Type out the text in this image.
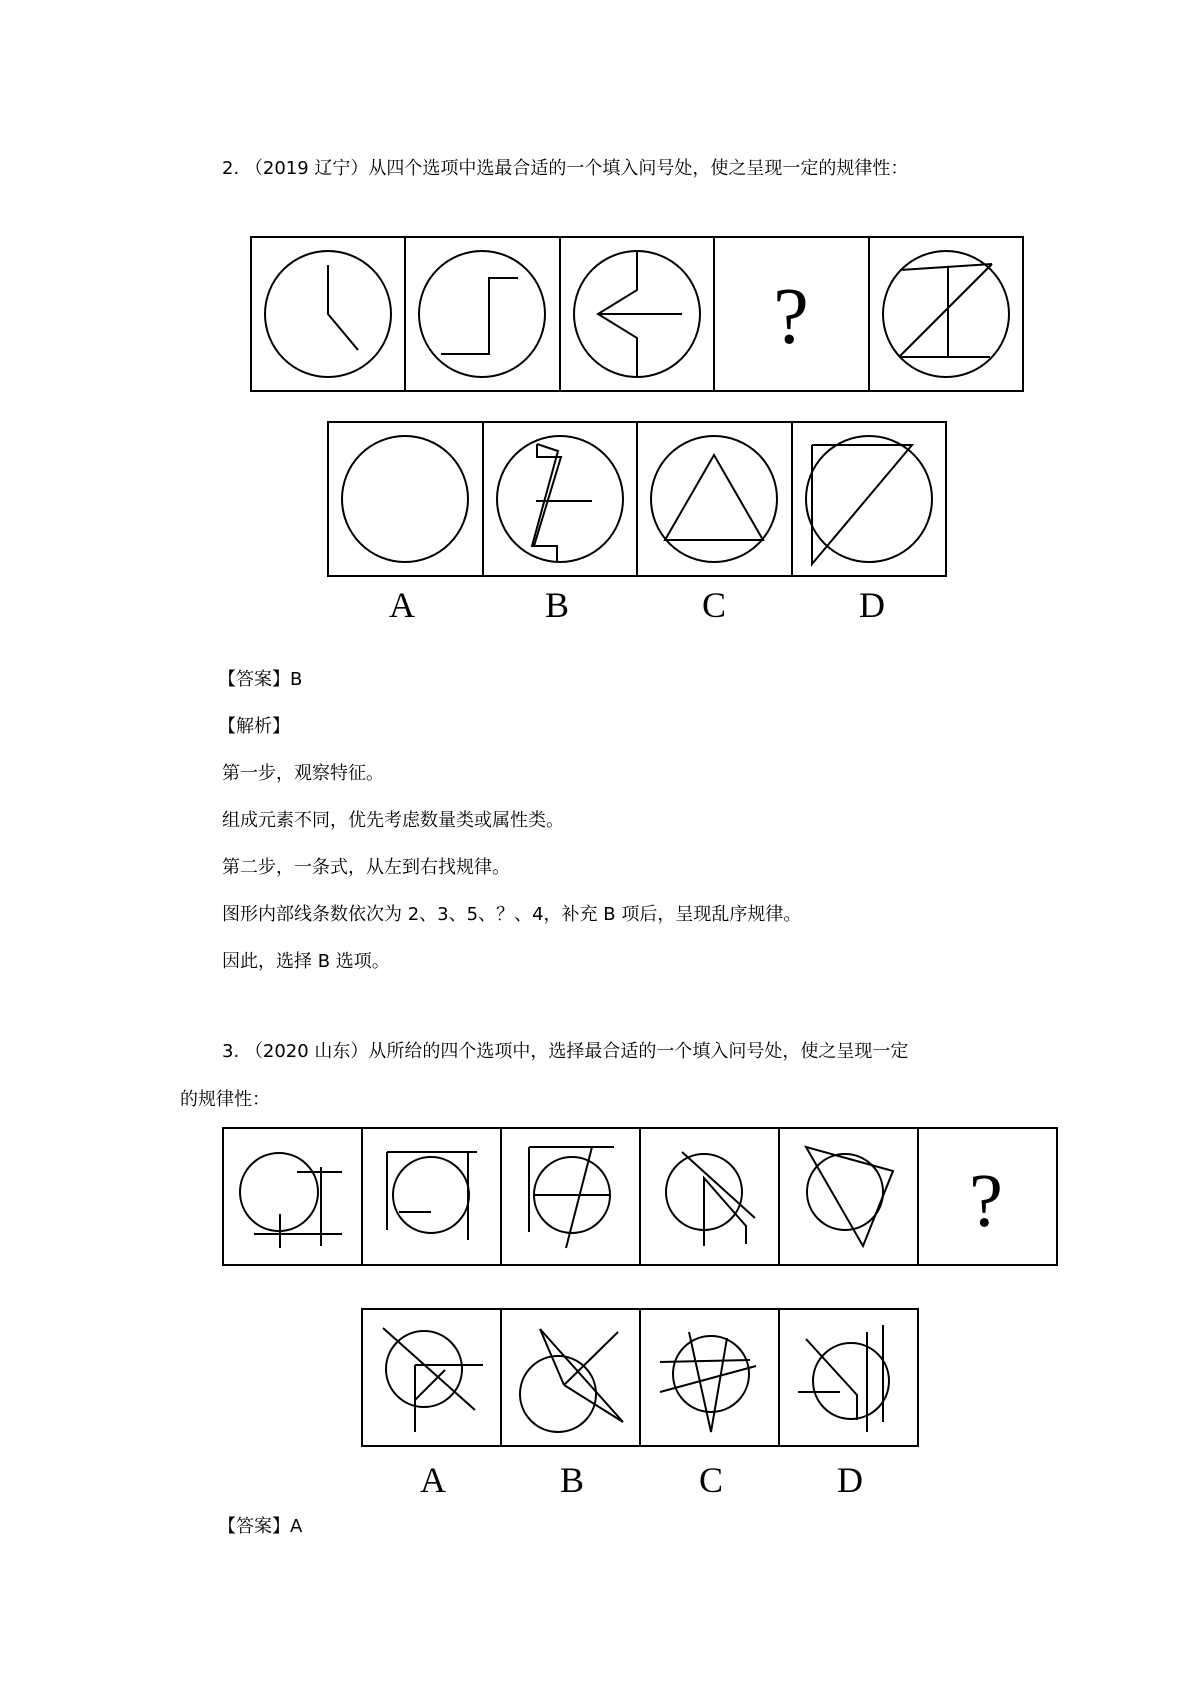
2. （2019 辽宁）从四个选项中选最合适的一个填入问号处，使之呈现一定的规律性：
?
A	B	C	D
?
A	B	C	D
【答案】B
【解析】
第一步，观察特征。
组成元素不同，优先考虑数量类或属性类。
第二步，一条式，从左到右找规律。
图形内部线条数依次为 2、3、5、？、4，补充 B 项后，呈现乱序规律。
因此，选择 B 选项。
3. （2020 山东）从所给的四个选项中，选择最合适的一个填入问号处，使之呈现一定
的规律性：
【答案】A
